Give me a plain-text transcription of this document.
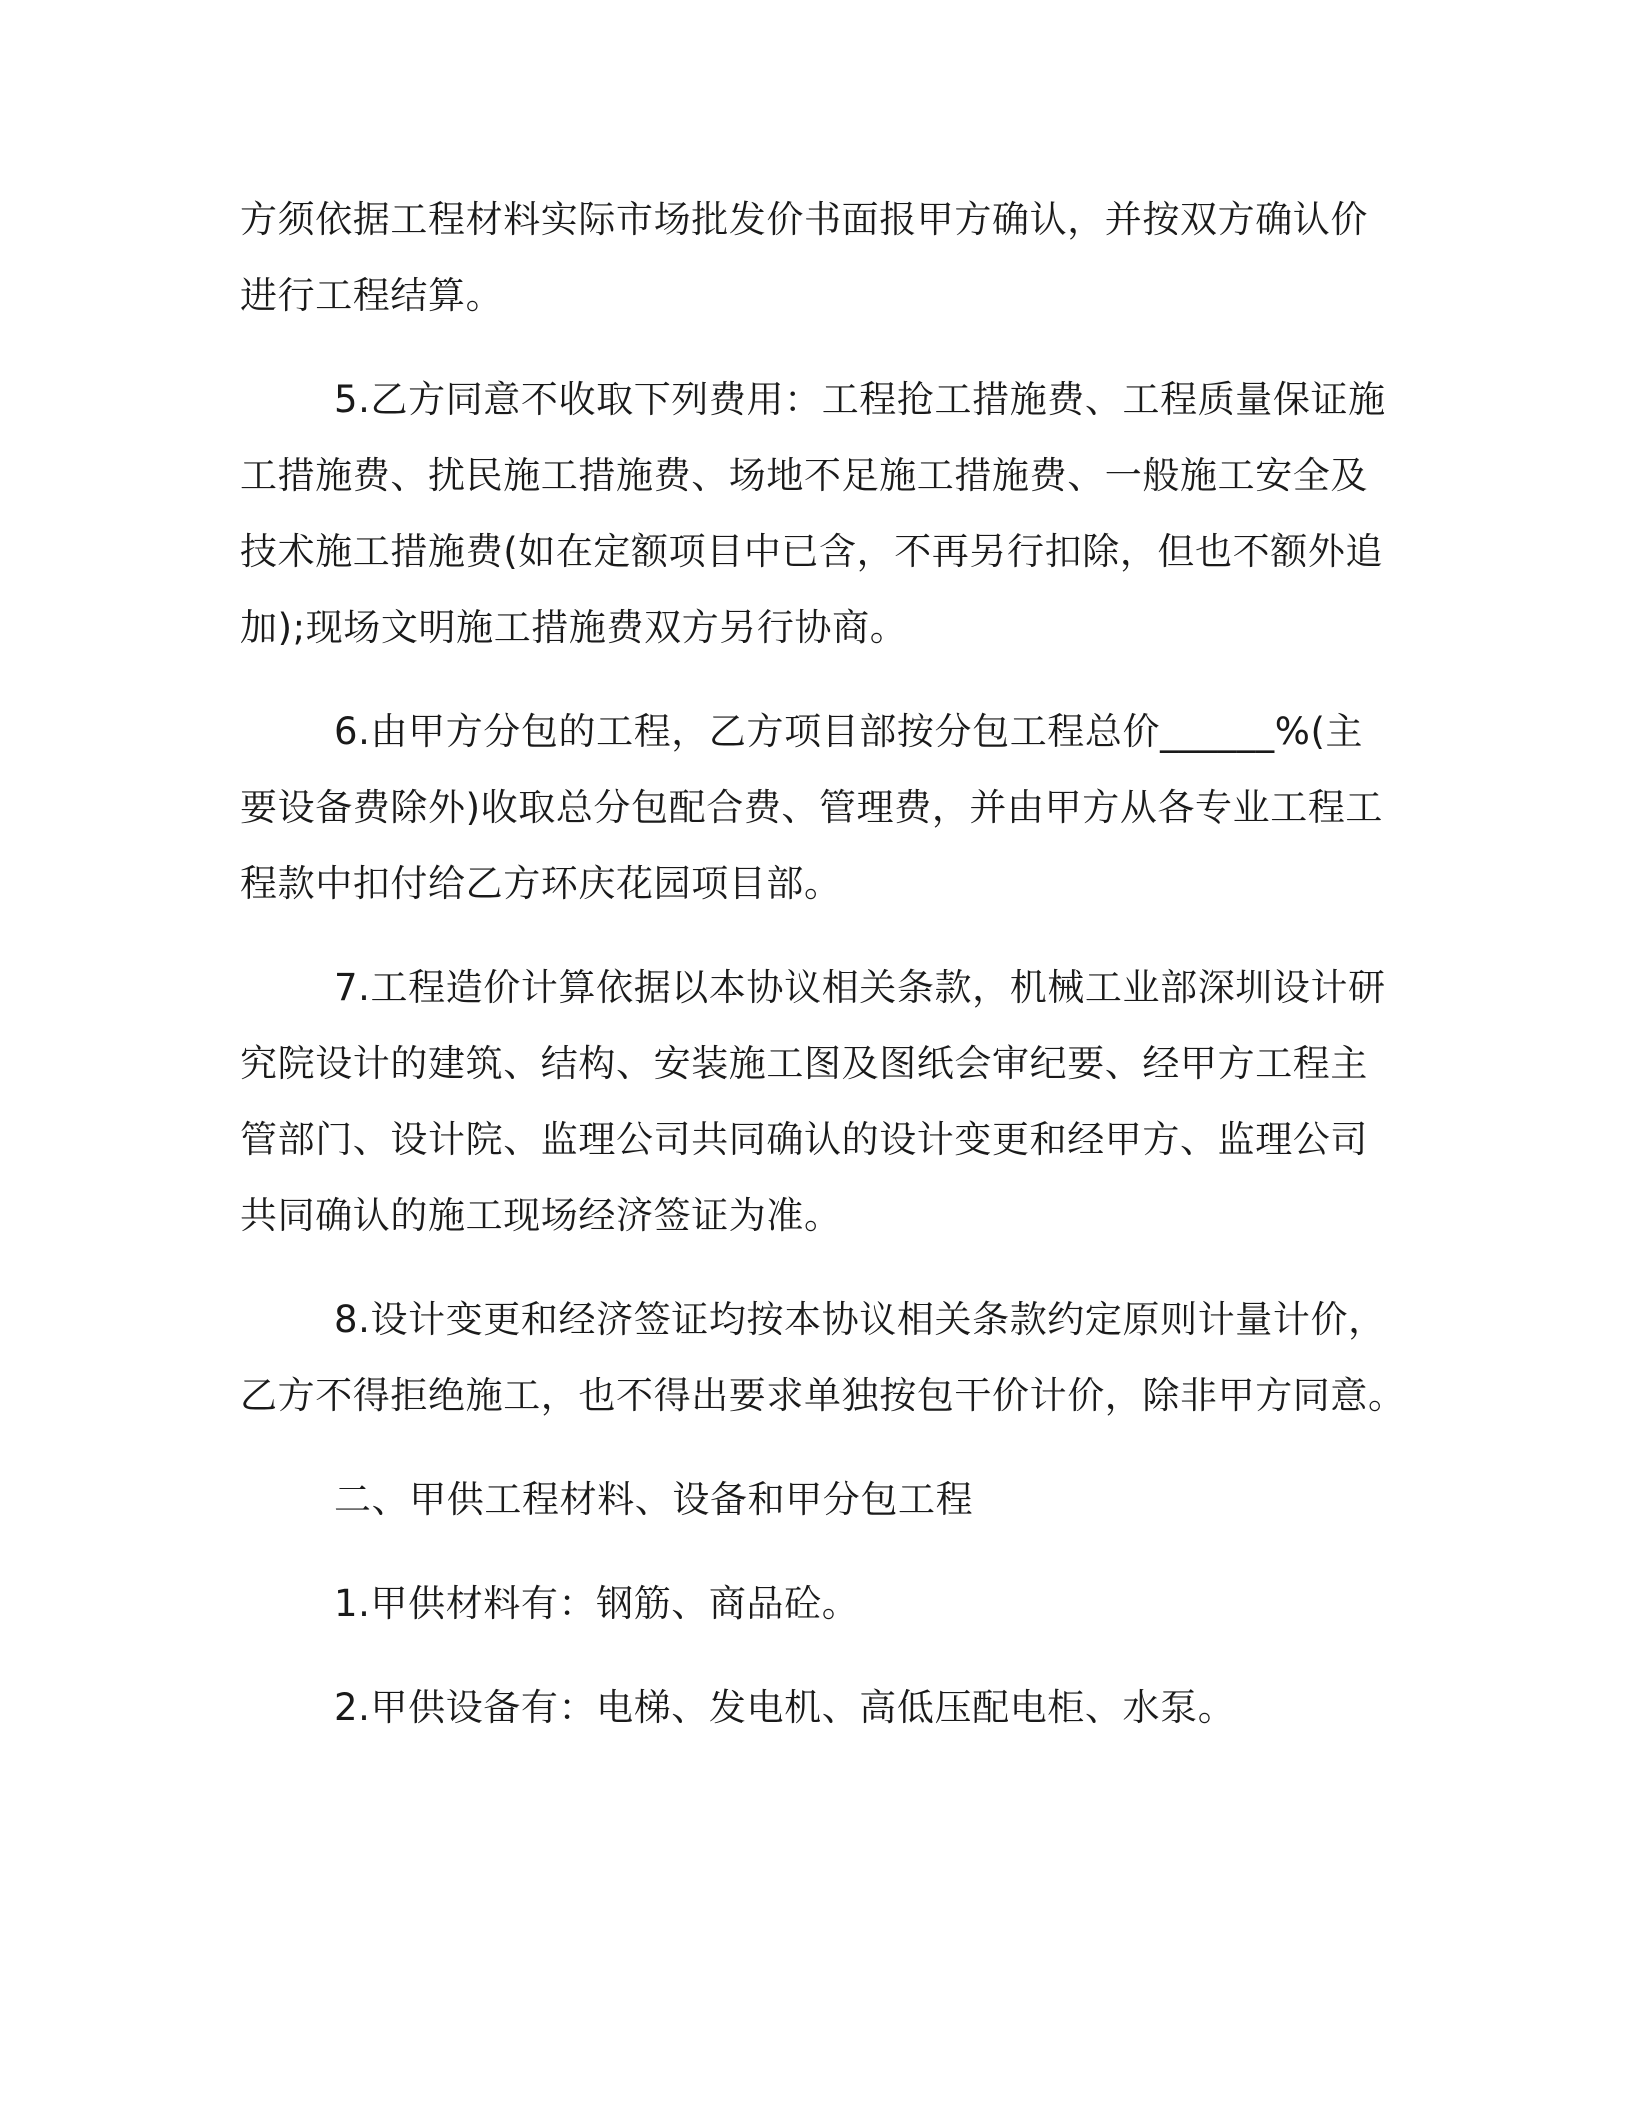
方须依据工程材料实际市场批发价书面报甲方确认，并按双方确认价
进行工程结算。

5.乙方同意不收取下列费用：工程抢工措施费、工程质量保证施
工措施费、扰民施工措施费、场地不足施工措施费、一般施工安全及
技术施工措施费(如在定额项目中已含，不再另行扣除，但也不额外追
加);现场文明施工措施费双方另行协商。

6.由甲方分包的工程，乙方项目部按分包工程总价______%(主
要设备费除外)收取总分包配合费、管理费，并由甲方从各专业工程工
程款中扣付给乙方环庆花园项目部。

7.工程造价计算依据以本协议相关条款，机械工业部深圳设计研
究院设计的建筑、结构、安装施工图及图纸会审纪要、经甲方工程主
管部门、设计院、监理公司共同确认的设计变更和经甲方、监理公司
共同确认的施工现场经济签证为准。

8.设计变更和经济签证均按本协议相关条款约定原则计量计价，
乙方不得拒绝施工，也不得出要求单独按包干价计价，除非甲方同意。

二、甲供工程材料、设备和甲分包工程

1.甲供材料有：钢筋、商品砼。

2.甲供设备有：电梯、发电机、高低压配电柜、水泵。
